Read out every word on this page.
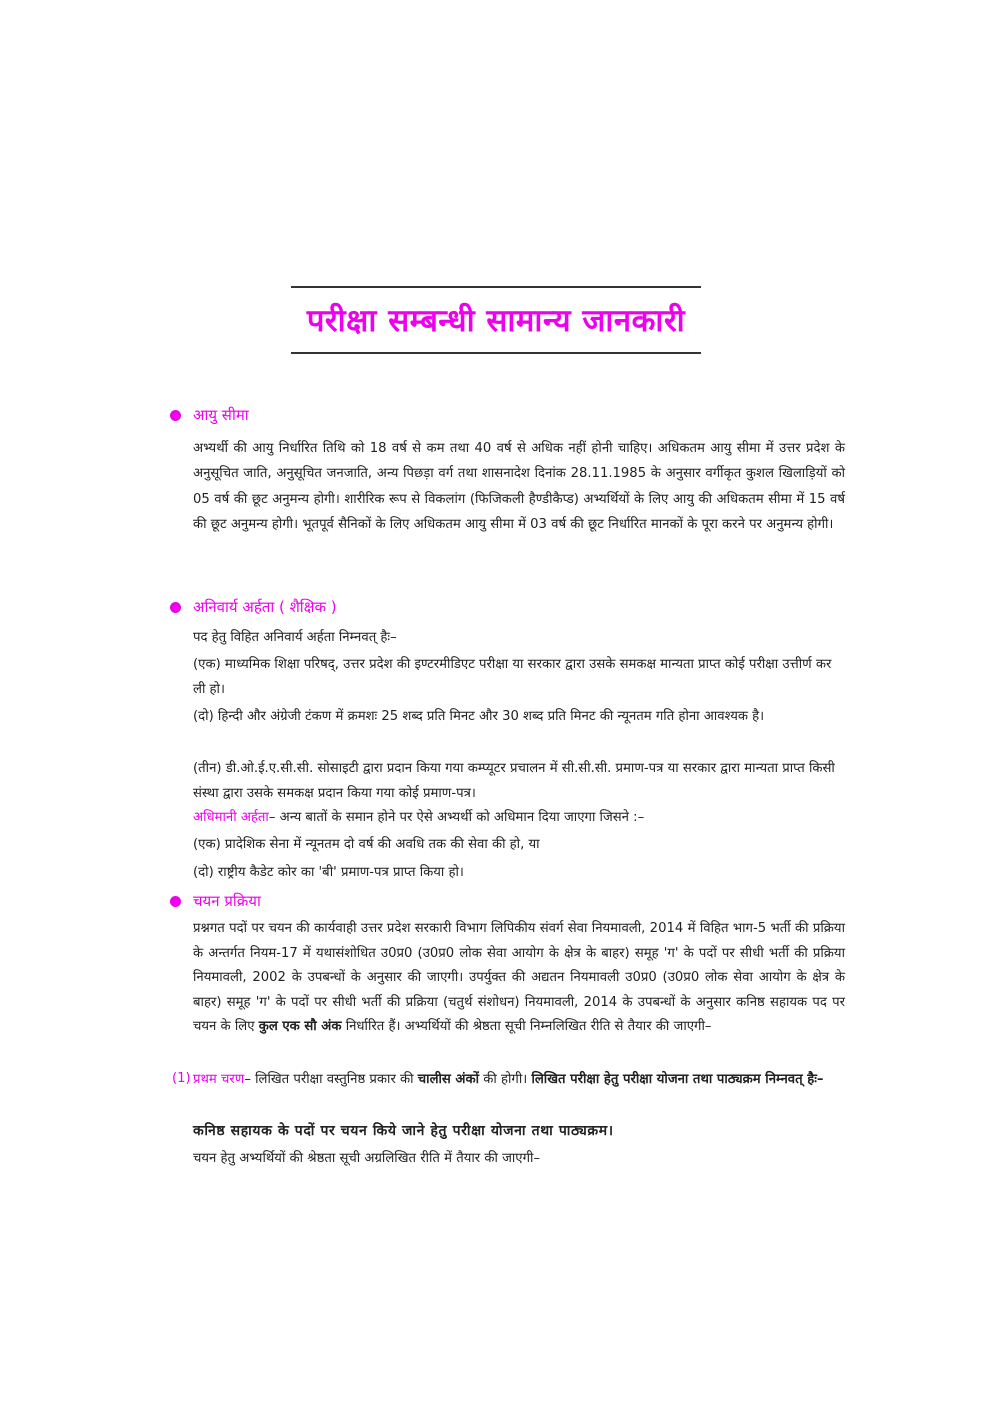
परीक्षा सम्बन्धी सामान्य जानकारी
आयु सीमा
अभ्यर्थी की आयु निर्धारित तिथि को 18 वर्ष से कम तथा 40 वर्ष से अधिक नहीं होनी चाहिए। अधिकतम आयु सीमा में उत्तर प्रदेश के अनुसूचित जाति, अनुसूचित जनजाति, अन्य पिछड़ा वर्ग तथा शासनादेश दिनांक 28.11.1985 के अनुसार वर्गीकृत कुशल खिलाड़ियों को 05 वर्ष की छूट अनुमन्य होगी। शारीरिक रूप से विकलांग (फिजिकली हैण्डीकैप्ड) अभ्यर्थियों के लिए आयु की अधिकतम सीमा में 15 वर्ष की छूट अनुमन्य होगी। भूतपूर्व सैनिकों के लिए अधिकतम आयु सीमा में 03 वर्ष की छूट निर्धारित मानकों के पूरा करने पर अनुमन्य होगी।
अनिवार्य अर्हता ( शैक्षिक )
पद हेतु विहित अनिवार्य अर्हता निम्नवत् हैः–
(एक) माध्यमिक शिक्षा परिषद्, उत्तर प्रदेश की इण्टरमीडिएट परीक्षा या सरकार द्वारा उसके समकक्ष मान्यता प्राप्त कोई परीक्षा उत्तीर्ण कर ली हो।
(दो) हिन्दी और अंग्रेजी टंकण में क्रमशः 25 शब्द प्रति मिनट और 30 शब्द प्रति मिनट की न्यूनतम गति होना आवश्यक है।
(तीन) डी.ओ.ई.ए.सी.सी. सोसाइटी द्वारा प्रदान किया गया कम्प्यूटर प्रचालन में सी.सी.सी. प्रमाण-पत्र या सरकार द्वारा मान्यता प्राप्त किसी संस्था द्वारा उसके समकक्ष प्रदान किया गया कोई प्रमाण-पत्र।
अधिमानी अर्हता– अन्य बातों के समान होने पर ऐसे अभ्यर्थी को अधिमान दिया जाएगा जिसने :–
(एक) प्रादेशिक सेना में न्यूनतम दो वर्ष की अवधि तक की सेवा की हो, या
(दो) राष्ट्रीय कैडेट कोर का 'बी' प्रमाण-पत्र प्राप्त किया हो।
चयन प्रक्रिया
प्रश्नगत पदों पर चयन की कार्यवाही उत्तर प्रदेश सरकारी विभाग लिपिकीय संवर्ग सेवा नियमावली, 2014 में विहित भाग-5 भर्ती की प्रक्रिया के अन्तर्गत नियम-17 में यथासंशोधित उ0प्र0 (उ0प्र0 लोक सेवा आयोग के क्षेत्र के बाहर) समूह 'ग' के पदों पर सीधी भर्ती की प्रक्रिया नियमावली, 2002 के उपबन्धों के अनुसार की जाएगी। उपर्युक्त की अद्यतन नियमावली उ0प्र0 (उ0प्र0 लोक सेवा आयोग के क्षेत्र के बाहर) समूह 'ग' के पदों पर सीधी भर्ती की प्रक्रिया (चतुर्थ संशोधन) नियमावली, 2014 के उपबन्धों के अनुसार कनिष्ठ सहायक पद पर चयन के लिए कुल एक सौ अंक निर्धारित हैं। अभ्यर्थियों की श्रेष्ठता सूची निम्नलिखित रीति से तैयार की जाएगी–
(1) प्रथम चरण– लिखित परीक्षा वस्तुनिष्ठ प्रकार की चालीस अंकों की होगी। लिखित परीक्षा हेतु परीक्षा योजना तथा पाठ्यक्रम निम्नवत् हैः–
कनिष्ठ सहायक के पदों पर चयन किये जाने हेतु परीक्षा योजना तथा पाठ्यक्रम।
चयन हेतु अभ्यर्थियों की श्रेष्ठता सूची अग्रलिखित रीति में तैयार की जाएगी–
